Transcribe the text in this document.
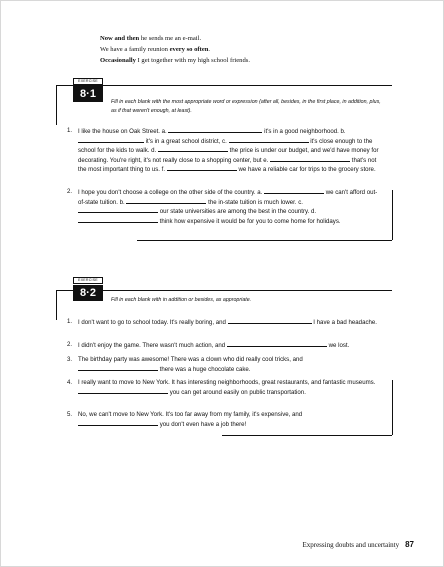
Now and then he sends me an e-mail.
We have a family reunion every so often.
Occasionally I get together with my high school friends.
EXERCISE
8·1
Fill in each blank with the most appropriate word or expression (after all, besides, in the first place, in addition, plus, as if that weren't enough, at least).
1. I like the house on Oak Street. a.	it's in a good neighborhood. b.  it's in a great school district, c.	it's close enough to the school for the kids to walk. d.	the price is under our budget, and we'd have money for decorating. You're right, it's not really close to a shopping center, but e.	that's not the most important thing to us. f.	we have a reliable car for trips to the grocery store.
2. I hope you don't choose a college on the other side of the country. a.	we can't afford out-of-state tuition. b.	the in-state tuition is much lower. c.  our state universities are among the best in the country. d.  think how expensive it would be for you to come home for holidays.
EXERCISE
8·2
Fill in each blank with in addition or besides, as appropriate.
1. I don't want to go to school today. It's really boring, and	I have a bad headache.
2. I didn't enjoy the game. There wasn't much action, and	we lost.
3. The birthday party was awesome! There was a clown who did really cool tricks, and  there was a huge chocolate cake.
4. I really want to move to New York. It has interesting neighborhoods, great restaurants, and fantastic museums.  you can get around easily on public transportation.
5. No, we can't move to New York. It's too far away from my family, it's expensive, and  you don't even have a job there!
Expressing doubts and uncertainty 87
